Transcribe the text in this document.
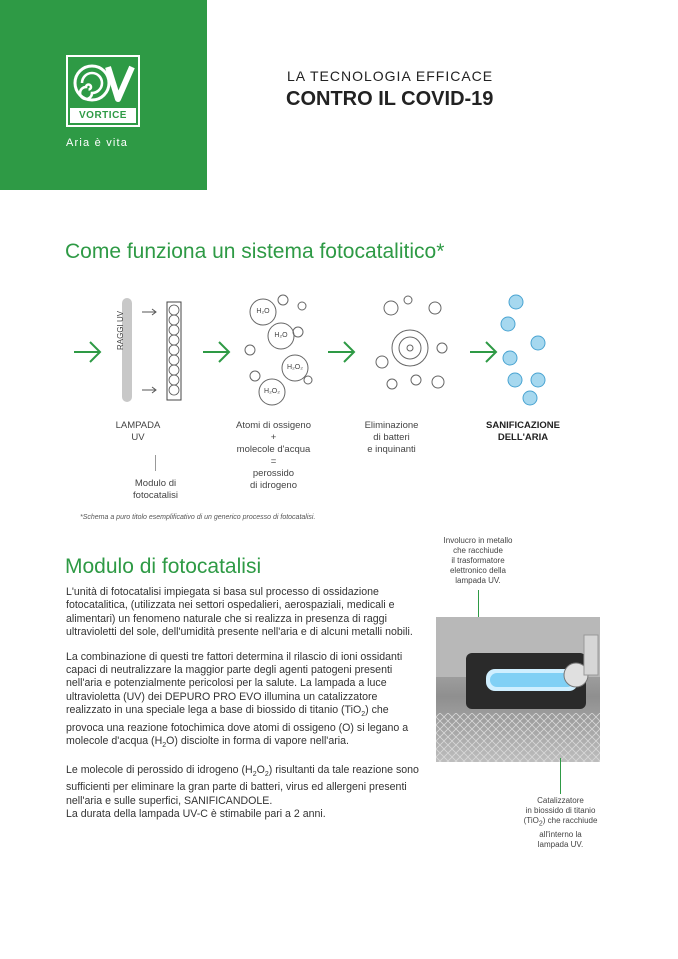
VORTICE
Aria è vita
LA TECNOLOGIA EFFICACE
CONTRO IL COVID-19
Come funziona un sistema fotocatalitico*
H₂O
H₂O
H₂O₂
H₂O₂
RAGGI UV
LAMPADA
UV
Modulo di
fotocatalisi
Atomi di ossigeno
+
molecole d'acqua
=
perossido
di idrogeno
Eliminazione
di batteri
e inquinanti
SANIFICAZIONE
DELL'ARIA
*Schema a puro titolo esemplificativo di un generico processo di fotocatalisi.
Modulo di fotocatalisi

L'unità di fotocatalisi impiegata si basa sul processo di ossidazione fotocatalitica, (utilizzata nei settori ospedalieri, aerospaziali, medicali e alimentari) un fenomeno naturale che si realizza in presenza di raggi ultravioletti del sole, dell'umidità presente nell'aria e di alcuni metalli nobili.

La combinazione di questi tre fattori determina il rilascio di ioni ossidanti capaci di neutralizzare la maggior parte degli agenti patogeni presenti nell'aria e potenzialmente pericolosi per la salute. La lampada a luce ultravioletta (UV) dei DEPURO PRO EVO illumina un catalizzatore realizzato in una speciale lega a base di biossido di titanio (TiO$_2$) che provoca una reazione fotochimica dove atomi di ossigeno (O) si legano a molecole d'acqua $(H_2O)$ disciolte in forma di vapore nell'aria.

Le molecole di perossido di idrogeno $(H_2O_2)$ risultanti da tale reazione sono sufficienti per eliminare la gran parte di batteri, virus ed allergeni presenti nell'aria e sulle superfici, SANIFICANDOLE.
La durata della lampada UV-C è stimabile pari a 2 anni.

Involucro in metallo
che racchiude
il trasformatore
elettronico della
lampada UV.
Catalizzatore
in biossido di titanio
(TiO$_2$) che racchiude
all'interno la
lampada UV.
